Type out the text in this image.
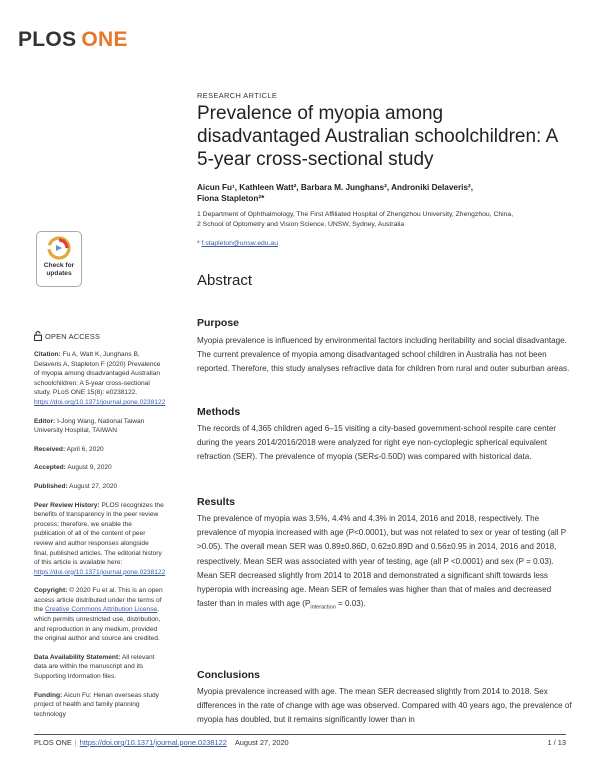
PLOS ONE
Check for
updates
OPEN ACCESS
Citation: Fu A, Watt K, Junghans B, Delaveris A, Stapleton F (2020) Prevalence of myopia among disadvantaged Australian schoolchildren: A 5-year cross-sectional study. PLoS ONE 15(8): e0238122. https://doi.org/10.1371/journal.pone.0238122
Editor: I-Jong Wang, National Taiwan University Hospital, TAIWAN
Received: April 6, 2020
Accepted: August 9, 2020
Published: August 27, 2020
Peer Review History: PLOS recognizes the benefits of transparency in the peer review process; therefore, we enable the publication of all of the content of peer review and author responses alongside final, published articles. The editorial history of this article is available here: https://doi.org/10.1371/journal.pone.0238122
Copyright: © 2020 Fu et al. This is an open access article distributed under the terms of the Creative Commons Attribution License, which permits unrestricted use, distribution, and reproduction in any medium, provided the original author and source are credited.
Data Availability Statement: All relevant data are within the manuscript and its Supporting Information files.
Funding: Aicun Fu: Henan overseas study project of health and family planning technology
RESEARCH ARTICLE
Prevalence of myopia among disadvantaged Australian schoolchildren: A 5-year cross-sectional study
Aicun Fu¹, Kathleen Watt², Barbara M. Junghans², Androniki Delaveris²,
Fiona Stapleton²*
1 Department of Ophthalmology, The First Affiliated Hospital of Zhengzhou University, Zhengzhou, China,
2 School of Optometry and Vision Science, UNSW, Sydney, Australia
* f.stapleton@unsw.edu.au
Abstract
Purpose
Myopia prevalence is influenced by environmental factors including heritability and social disadvantage. The current prevalence of myopia among disadvantaged school children in Australia has not been reported. Therefore, this study analyses refractive data for children from rural and outer suburban areas.
Methods
The records of 4,365 children aged 6–15 visiting a city-based government-school respite care center during the years 2014/2016/2018 were analyzed for right eye non-cycloplegic spherical equivalent refraction (SER). The prevalence of myopia (SER≤-0.50D) was compared with historical data.
Results
The prevalence of myopia was 3.5%, 4.4% and 4.3% in 2014, 2016 and 2018, respectively. The prevalence of myopia increased with age (P<0.0001), but was not related to sex or year of testing (all P >0.05). The overall mean SER was 0.89±0.86D, 0.62±0.89D and 0.56±0.95 in 2014, 2016 and 2018, respectively. Mean SER was associated with year of testing, age (all P <0.0001) and sex (P = 0.03). Mean SER decreased slightly from 2014 to 2018 and demonstrated a significant shift towards less hyperopia with increasing age. Mean SER of females was higher than that of males and decreased faster than in males with age $(P_{interaction} = 0.03)$.
Conclusions
Myopia prevalence increased with age. The mean SER decreased slightly from 2014 to 2018. Sex differences in the rate of change with age was observed. Compared with 40 years ago, the prevalence of myopia has doubled, but it remains significantly lower than in
PLOS ONE | https://doi.org/10.1371/journal.pone.0238122 August 27, 2020	1 / 13
